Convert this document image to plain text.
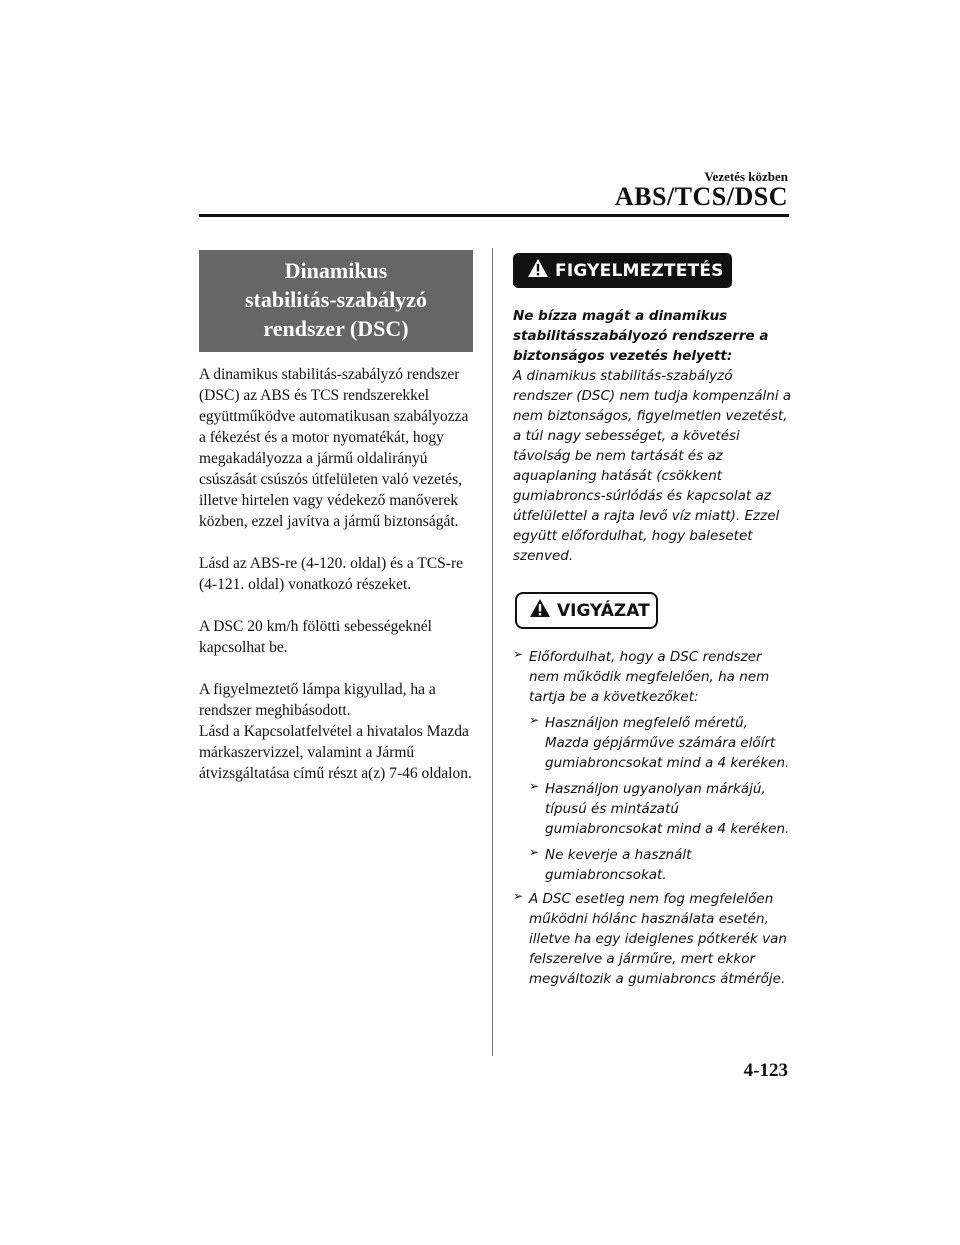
Vezetés közben
ABS/TCS/DSC
Dinamikus
stabilitás-szabályzó
rendszer (DSC)

A dinamikus stabilitás-szabályzó rendszer (DSC) az ABS és TCS rendszerekkel együttműködve automatikusan szabályozza a fékezést és a motor nyomatékát, hogy megakadályozza a jármű oldalirányú csúszását csúszós útfelületen való vezetés, illetve hirtelen vagy védekező manőverek közben, ezzel javítva a jármű biztonságát.

Lásd az ABS-re (4-120. oldal) és a TCS-re (4-121. oldal) vonatkozó részeket.

A DSC 20 km/h fölötti sebességeknél kapcsolhat be.

A figyelmeztető lámpa kigyullad, ha a rendszer meghibásodott.

Lásd a Kapcsolatfelvétel a hivatalos Mazda márkaszervizzel, valamint a Jármű átvizsgáltatása című részt a(z) 7-46 oldalon.

FIGYELMEZTETÉS

Ne bízza magát a dinamikus stabilitásszabályozó rendszerre a biztonságos vezetés helyett:

A dinamikus stabilitás-szabályzó rendszer (DSC) nem tudja kompenzálni a nem biztonságos, figyelmetlen vezetést, a túl nagy sebességet, a követési távolság be nem tartását és az aquaplaning hatását (csökkent gumiabroncs-súrlódás és kapcsolat az útfelülettel a rajta levő víz miatt). Ezzel együtt előfordulhat, hogy balesetet szenved.

VIGYÁZAT
➢ Előfordulhat, hogy a DSC rendszer nem működik megfelelően, ha nem tartja be a következőket:

➢ Használjon megfelelő méretű, Mazda gépjárműve számára előírt gumiabroncsokat mind a 4 keréken.

➢ Használjon ugyanolyan márkájú, típusú és mintázatú gumiabroncsokat mind a 4 keréken.

➢ Ne keverje a használt gumiabroncsokat.

➢ A DSC esetleg nem fog megfelelően működni hólánc használata esetén, illetve ha egy ideiglenes pótkerék van felszerelve a járműre, mert ekkor megváltozik a gumiabroncs átmérője.

4-123
